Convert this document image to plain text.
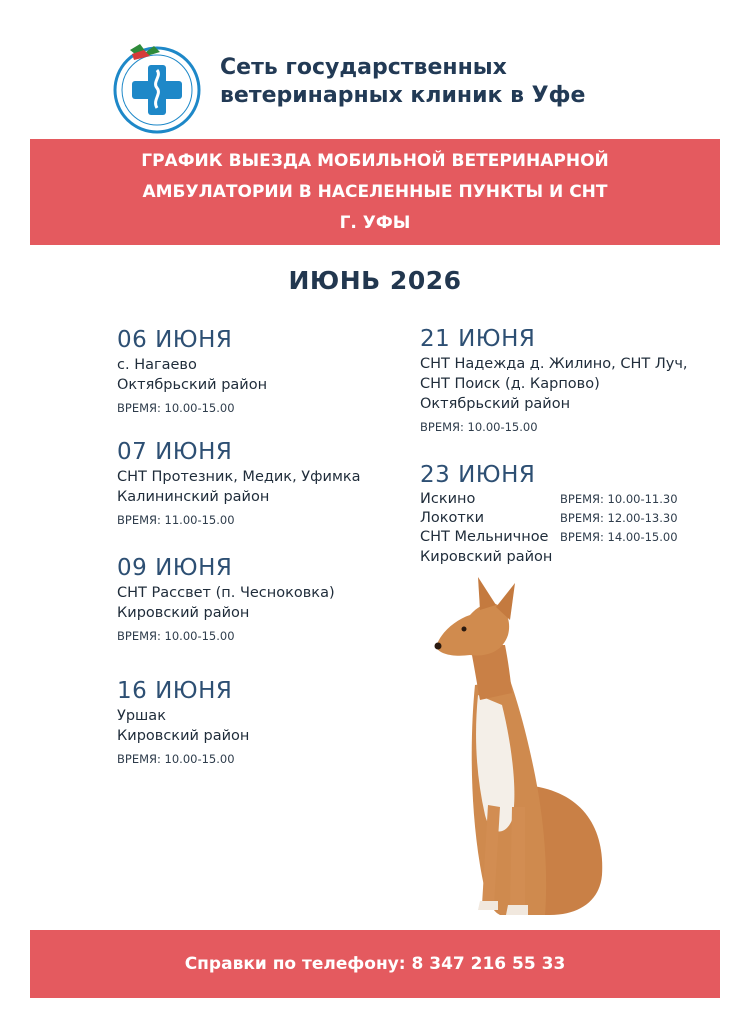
Сеть государственных
ветеринарных клиник в Уфе
ГРАФИК ВЫЕЗДА МОБИЛЬНОЙ ВЕТЕРИНАРНОЙ
АМБУЛАТОРИИ В НАСЕЛЕННЫЕ ПУНКТЫ И СНТ
Г. УФЫ
ИЮНЬ 2026
06 ИЮНЯ
с. Нагаево
Октябрьский район
ВРЕМЯ: 10.00-15.00
07 ИЮНЯ
СНТ Протезник, Медик, Уфимка
Калининский район
ВРЕМЯ: 11.00-15.00
09 ИЮНЯ
СНТ Рассвет (п. Чесноковка)
Кировский район
ВРЕМЯ: 10.00-15.00
16 ИЮНЯ
Уршак
Кировский район
ВРЕМЯ: 10.00-15.00
21 ИЮНЯ
СНТ Надежда д. Жилино, СНТ Луч,
СНТ Поиск (д. Карпово)
Октябрьский район
ВРЕМЯ: 10.00-15.00
23 ИЮНЯ
Искино	ВРЕМЯ: 10.00-11.30
Локотки	ВРЕМЯ: 12.00-13.30
СНТ Мельничное	ВРЕМЯ: 14.00-15.00
Кировский район
Справки по телефону: 8 347 216 55 33
